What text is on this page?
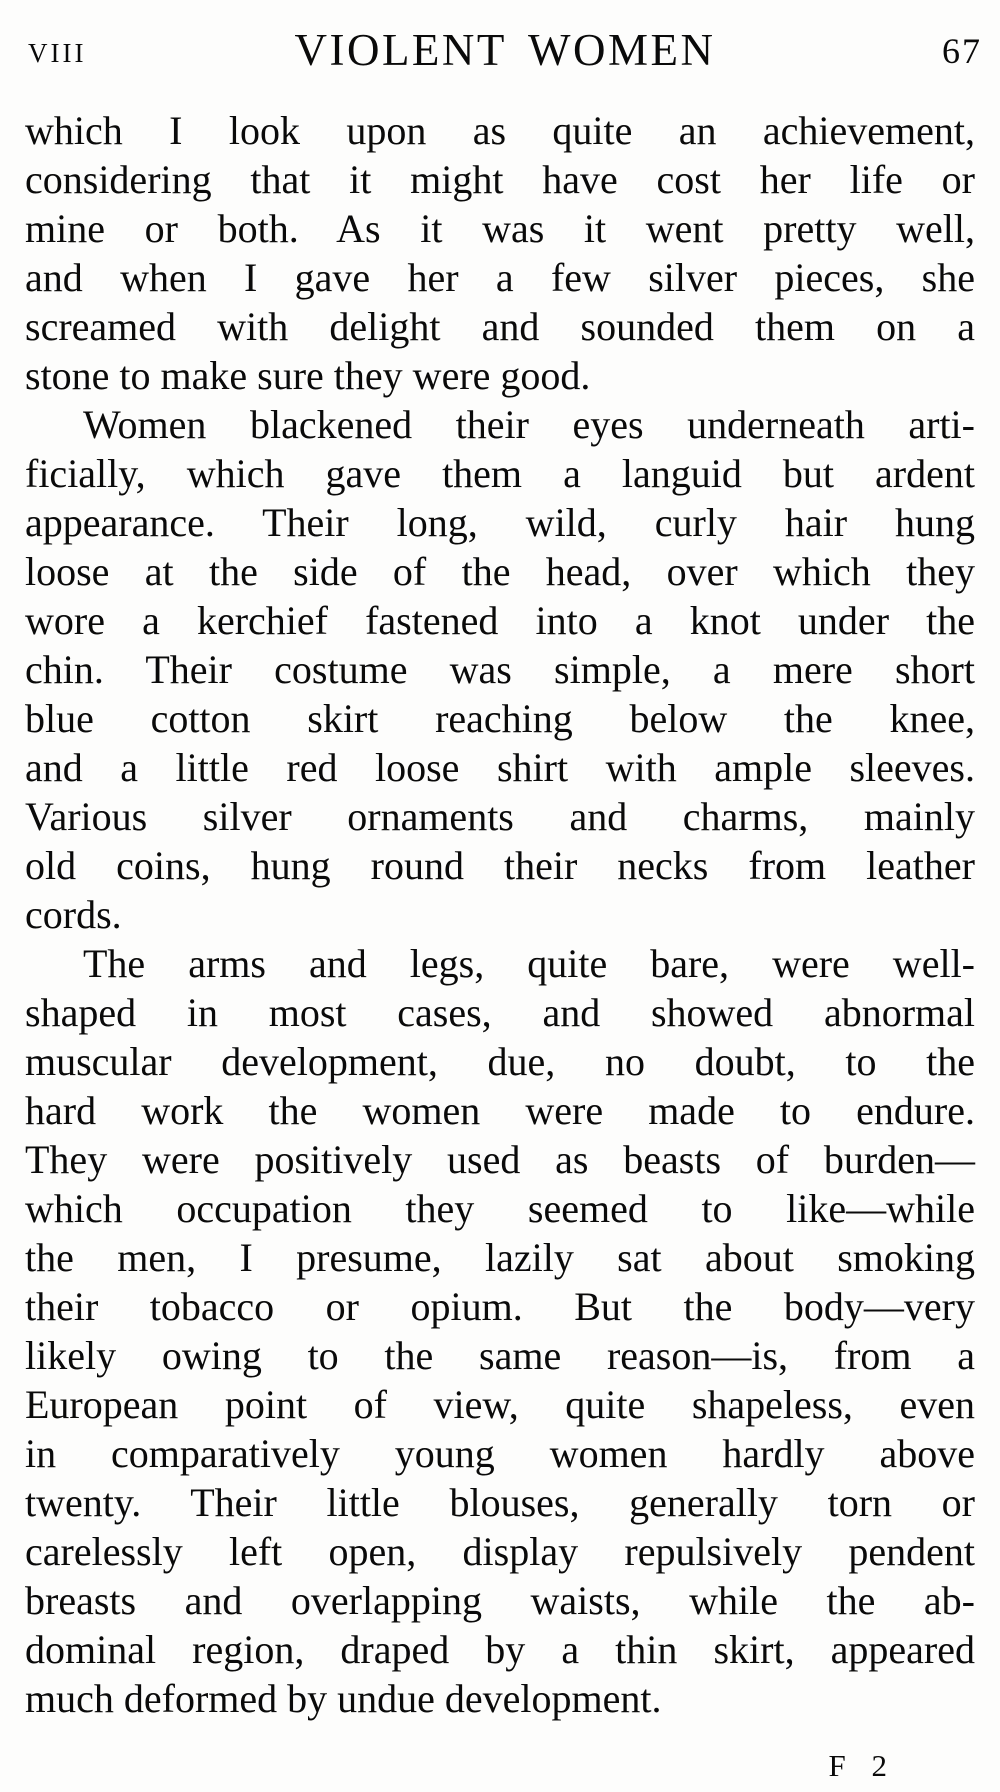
VIII	VIOLENT WOMEN	67
which I look upon as quite an achievement,
considering that it might have cost her life or
mine or both. As it was it went pretty well,
and when I gave her a few silver pieces, she
screamed with delight and sounded them on a
stone to make sure they were good.
Women blackened their eyes underneath arti-
ficially, which gave them a languid but ardent
appearance. Their long, wild, curly hair hung
loose at the side of the head, over which they
wore a kerchief fastened into a knot under the
chin. Their costume was simple, a mere short
blue cotton skirt reaching below the knee,
and a little red loose shirt with ample sleeves.
Various silver ornaments and charms, mainly
old coins, hung round their necks from leather
cords.
The arms and legs, quite bare, were well-
shaped in most cases, and showed abnormal
muscular development, due, no doubt, to the
hard work the women were made to endure.
They were positively used as beasts of burden—
which occupation they seemed to like—while
the men, I presume, lazily sat about smoking
their tobacco or opium. But the body—very
likely owing to the same reason—is, from a
European point of view, quite shapeless, even
in comparatively young women hardly above
twenty. Their little blouses, generally torn or
carelessly left open, display repulsively pendent
breasts and overlapping waists, while the ab-
dominal region, draped by a thin skirt, appeared
much deformed by undue development.
F 2
